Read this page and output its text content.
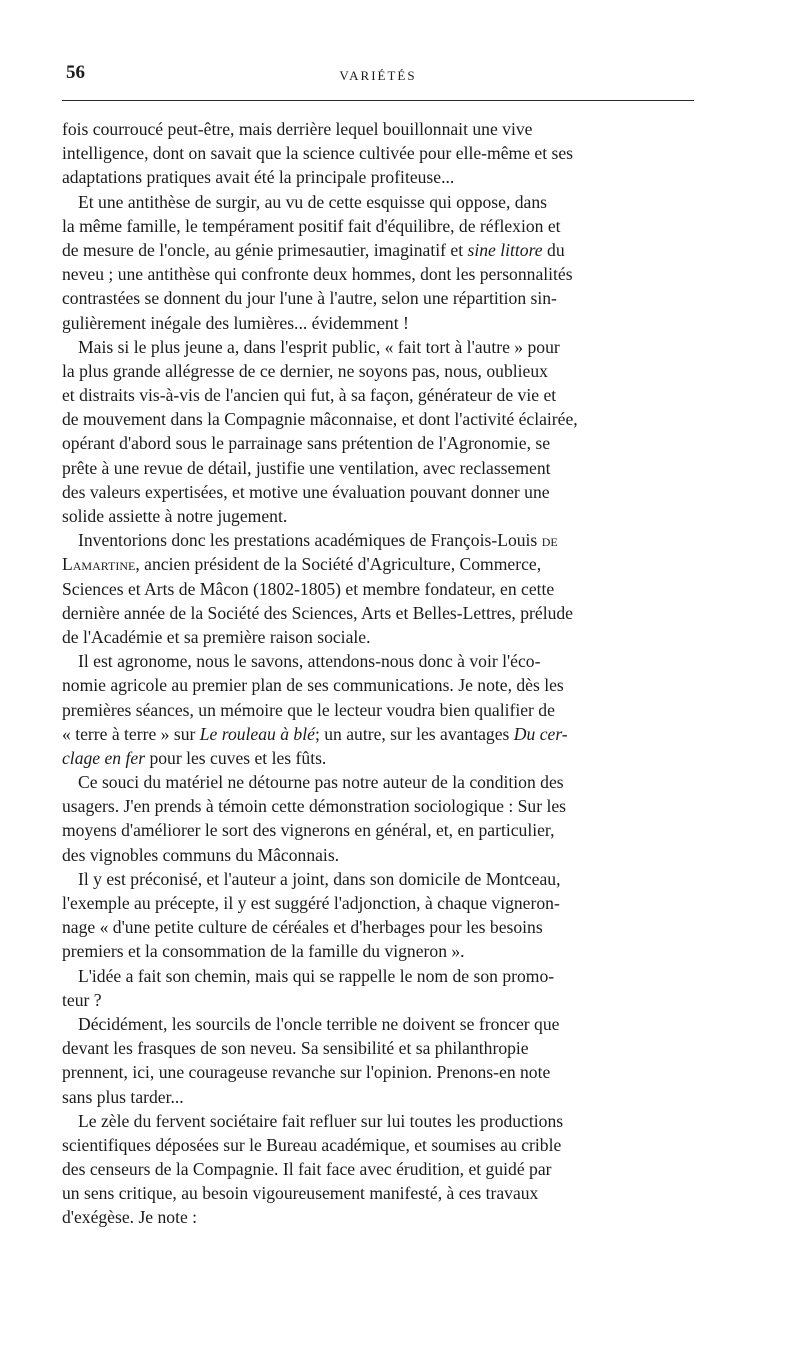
56	VARIÉTÉS
fois courroucé peut-être, mais derrière lequel bouillonnait une vive
intelligence, dont on savait que la science cultivée pour elle-même et ses
adaptations pratiques avait été la principale profiteuse...
Et une antithèse de surgir, au vu de cette esquisse qui oppose, dans
la même famille, le tempérament positif fait d'équilibre, de réflexion et
de mesure de l'oncle, au génie primesautier, imaginatif et sine littore du
neveu ; une antithèse qui confronte deux hommes, dont les personnalités
contrastées se donnent du jour l'une à l'autre, selon une répartition sin-
gulièrement inégale des lumières... évidemment !
Mais si le plus jeune a, dans l'esprit public, « fait tort à l'autre » pour
la plus grande allégresse de ce dernier, ne soyons pas, nous, oublieux
et distraits vis-à-vis de l'ancien qui fut, à sa façon, générateur de vie et
de mouvement dans la Compagnie mâconnaise, et dont l'activité éclairée,
opérant d'abord sous le parrainage sans prétention de l'Agronomie, se
prête à une revue de détail, justifie une ventilation, avec reclassement
des valeurs expertisées, et motive une évaluation pouvant donner une
solide assiette à notre jugement.
Inventorions donc les prestations académiques de François-Louis de
Lamartine, ancien président de la Société d'Agriculture, Commerce,
Sciences et Arts de Mâcon (1802-1805) et membre fondateur, en cette
dernière année de la Société des Sciences, Arts et Belles-Lettres, prélude
de l'Académie et sa première raison sociale.
Il est agronome, nous le savons, attendons-nous donc à voir l'éco-
nomie agricole au premier plan de ses communications. Je note, dès les
premières séances, un mémoire que le lecteur voudra bien qualifier de
« terre à terre » sur Le rouleau à blé; un autre, sur les avantages Du cer-
clage en fer pour les cuves et les fûts.
Ce souci du matériel ne détourne pas notre auteur de la condition des
usagers. J'en prends à témoin cette démonstration sociologique : Sur les
moyens d'améliorer le sort des vignerons en général, et, en particulier,
des vignobles communs du Mâconnais.
Il y est préconisé, et l'auteur a joint, dans son domicile de Montceau,
l'exemple au précepte, il y est suggéré l'adjonction, à chaque vigneron-
nage « d'une petite culture de céréales et d'herbages pour les besoins
premiers et la consommation de la famille du vigneron ».
L'idée a fait son chemin, mais qui se rappelle le nom de son promo-
teur ?
Décidément, les sourcils de l'oncle terrible ne doivent se froncer que
devant les frasques de son neveu. Sa sensibilité et sa philanthropie
prennent, ici, une courageuse revanche sur l'opinion. Prenons-en note
sans plus tarder...
Le zèle du fervent sociétaire fait refluer sur lui toutes les productions
scientifiques déposées sur le Bureau académique, et soumises au crible
des censeurs de la Compagnie. Il fait face avec érudition, et guidé par
un sens critique, au besoin vigoureusement manifesté, à ces travaux
d'exégèse. Je note :
